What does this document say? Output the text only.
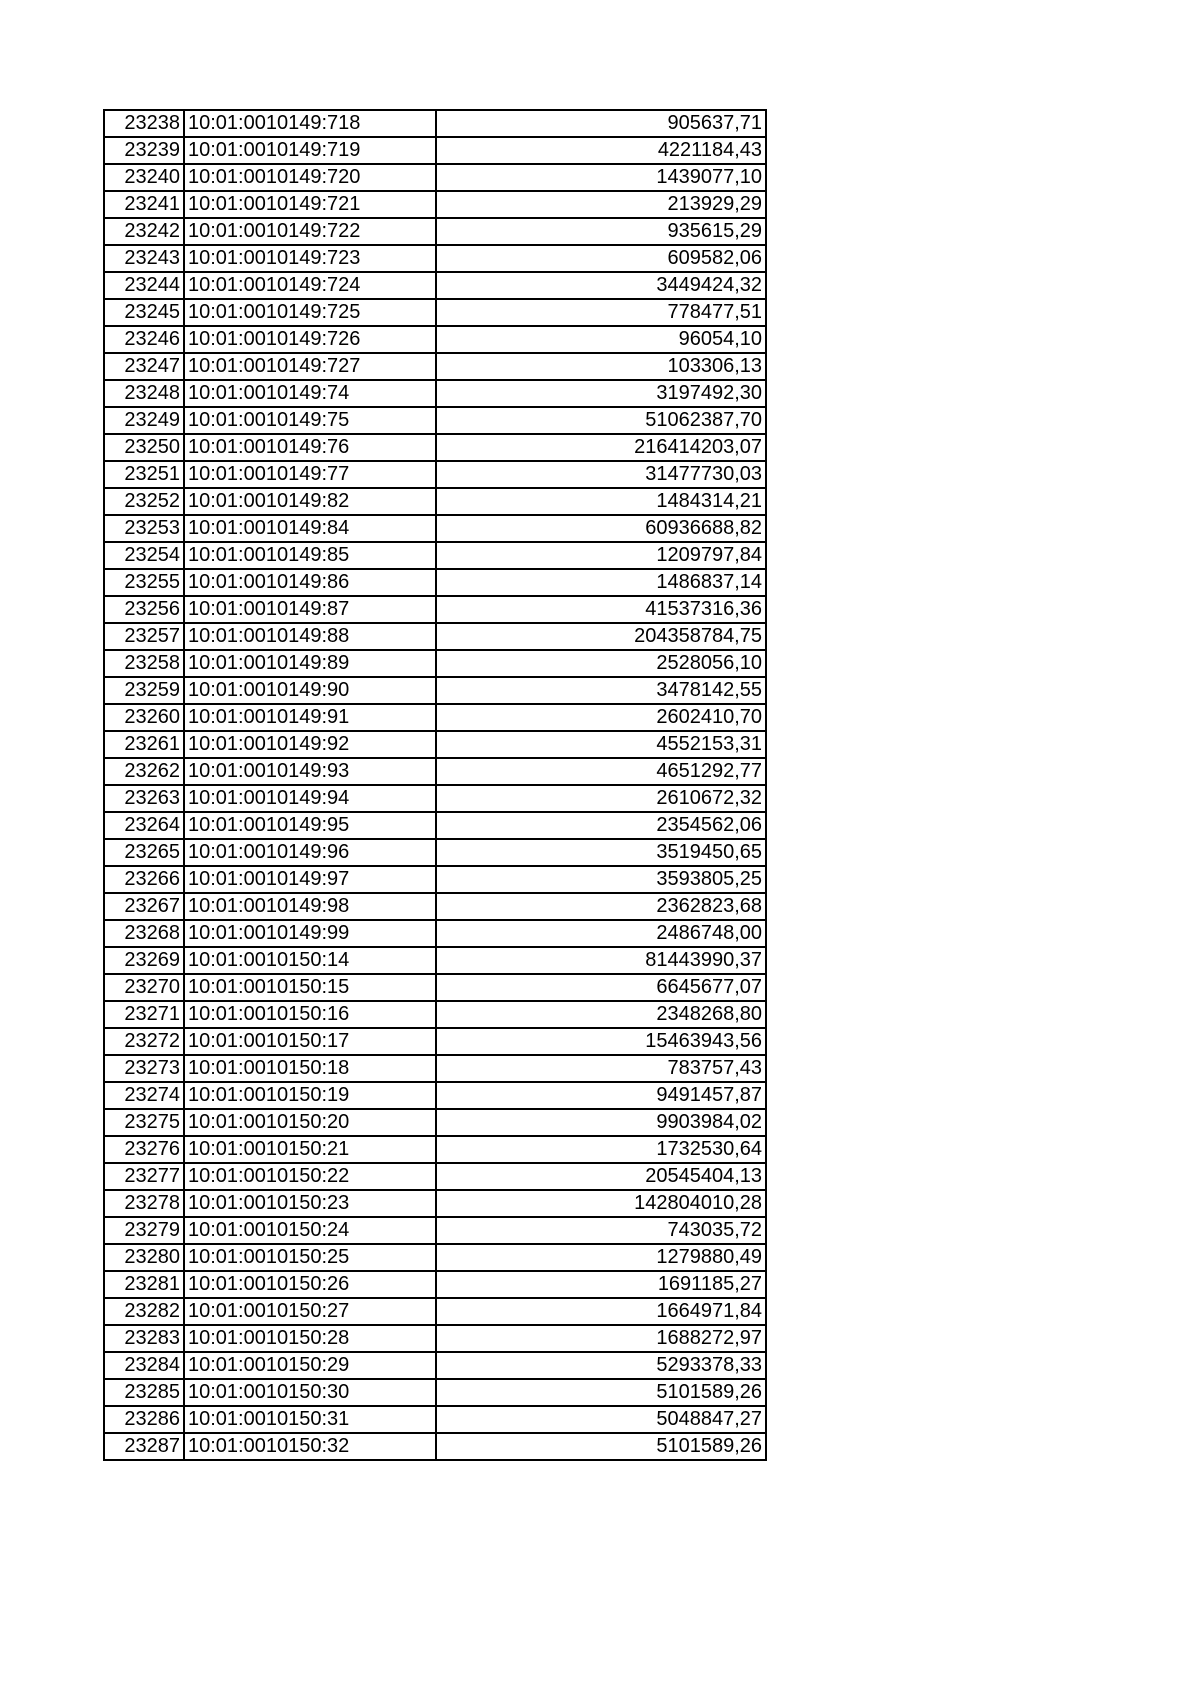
23238	10:01:0010149:718	905637,71
23239	10:01:0010149:719	4221184,43
23240	10:01:0010149:720	1439077,10
23241	10:01:0010149:721	213929,29
23242	10:01:0010149:722	935615,29
23243	10:01:0010149:723	609582,06
23244	10:01:0010149:724	3449424,32
23245	10:01:0010149:725	778477,51
23246	10:01:0010149:726	96054,10
23247	10:01:0010149:727	103306,13
23248	10:01:0010149:74	3197492,30
23249	10:01:0010149:75	51062387,70
23250	10:01:0010149:76	216414203,07
23251	10:01:0010149:77	31477730,03
23252	10:01:0010149:82	1484314,21
23253	10:01:0010149:84	60936688,82
23254	10:01:0010149:85	1209797,84
23255	10:01:0010149:86	1486837,14
23256	10:01:0010149:87	41537316,36
23257	10:01:0010149:88	204358784,75
23258	10:01:0010149:89	2528056,10
23259	10:01:0010149:90	3478142,55
23260	10:01:0010149:91	2602410,70
23261	10:01:0010149:92	4552153,31
23262	10:01:0010149:93	4651292,77
23263	10:01:0010149:94	2610672,32
23264	10:01:0010149:95	2354562,06
23265	10:01:0010149:96	3519450,65
23266	10:01:0010149:97	3593805,25
23267	10:01:0010149:98	2362823,68
23268	10:01:0010149:99	2486748,00
23269	10:01:0010150:14	81443990,37
23270	10:01:0010150:15	6645677,07
23271	10:01:0010150:16	2348268,80
23272	10:01:0010150:17	15463943,56
23273	10:01:0010150:18	783757,43
23274	10:01:0010150:19	9491457,87
23275	10:01:0010150:20	9903984,02
23276	10:01:0010150:21	1732530,64
23277	10:01:0010150:22	20545404,13
23278	10:01:0010150:23	142804010,28
23279	10:01:0010150:24	743035,72
23280	10:01:0010150:25	1279880,49
23281	10:01:0010150:26	1691185,27
23282	10:01:0010150:27	1664971,84
23283	10:01:0010150:28	1688272,97
23284	10:01:0010150:29	5293378,33
23285	10:01:0010150:30	5101589,26
23286	10:01:0010150:31	5048847,27
23287	10:01:0010150:32	5101589,26
